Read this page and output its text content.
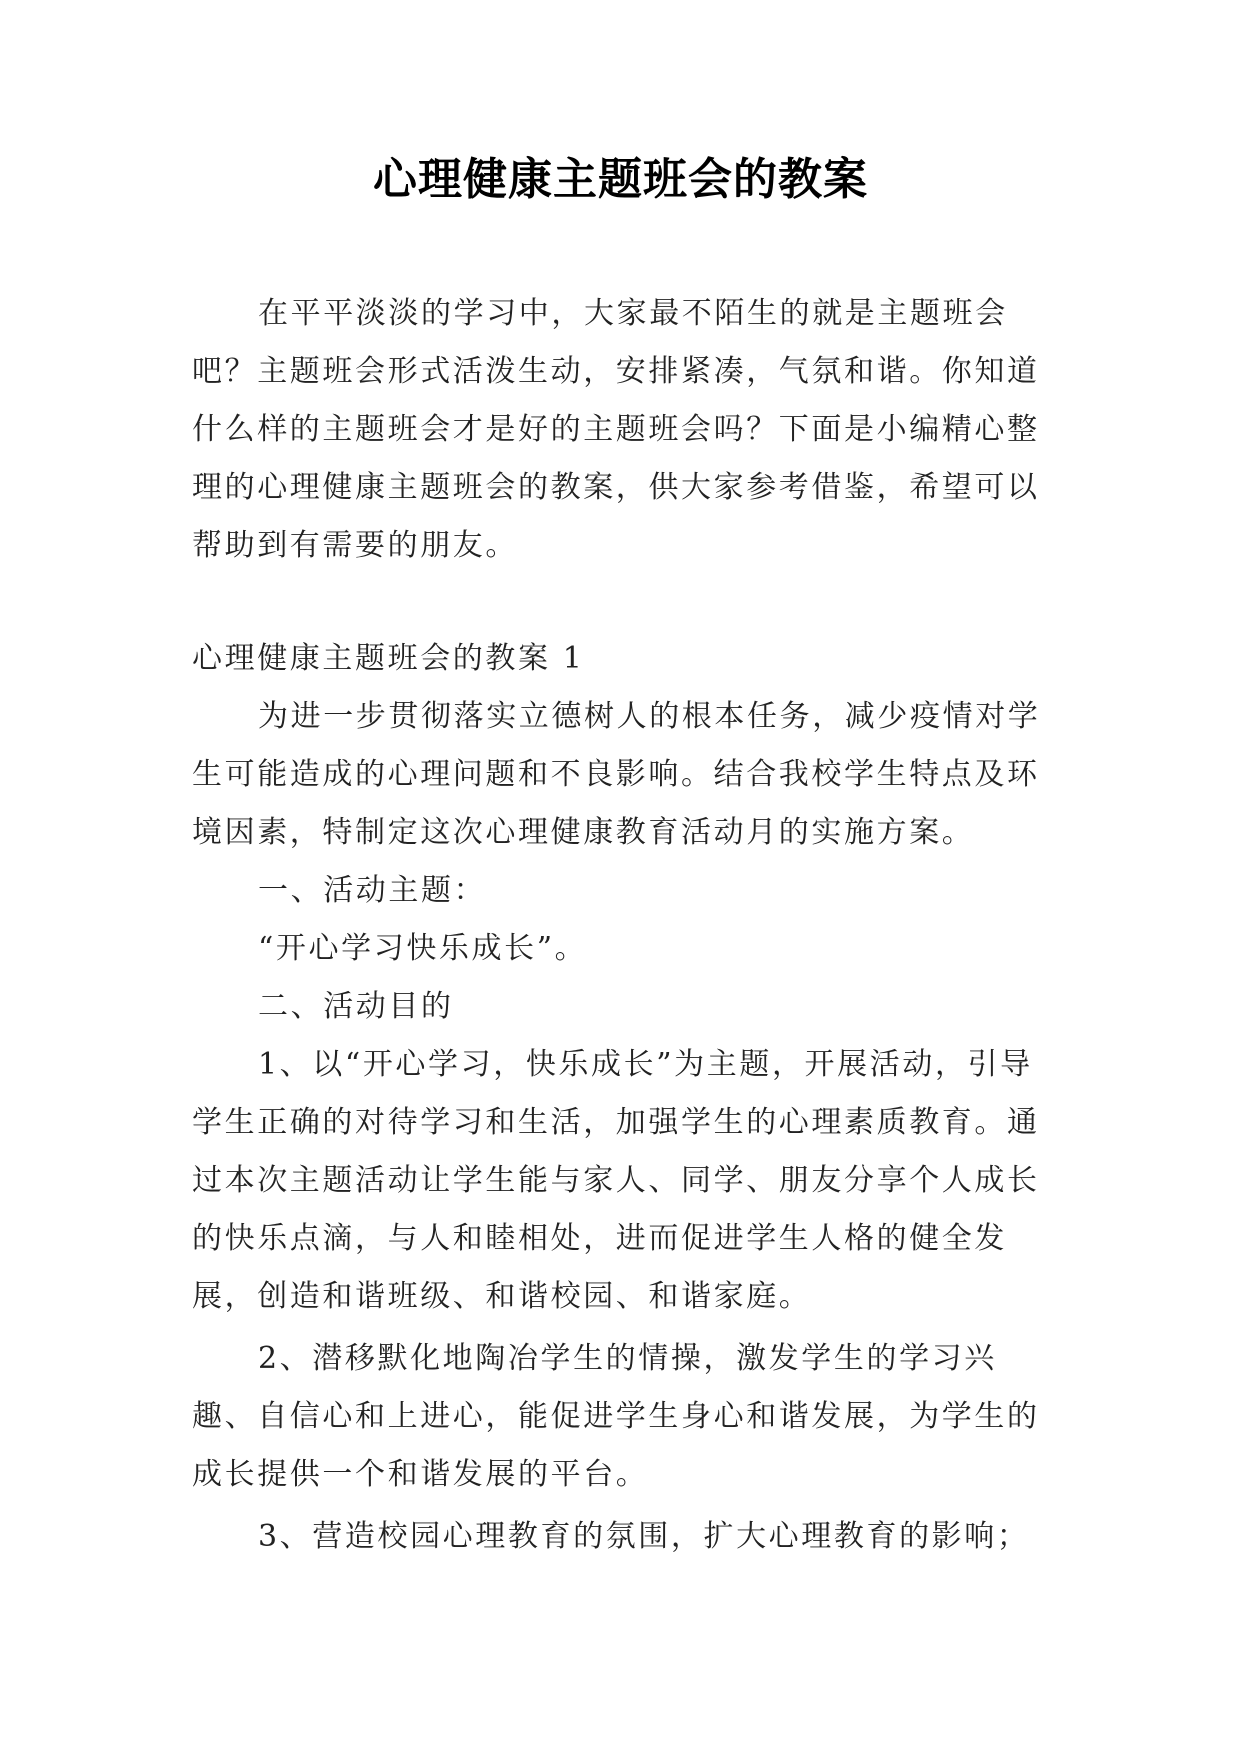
心理健康主题班会的教案

在平平淡淡的学习中，大家最不陌生的就是主题班会吧？主题班会形式活泼生动，安排紧凑，气氛和谐。你知道什么样的主题班会才是好的主题班会吗？下面是小编精心整理的心理健康主题班会的教案，供大家参考借鉴，希望可以帮助到有需要的朋友。

心理健康主题班会的教案 1

为进一步贯彻落实立德树人的根本任务，减少疫情对学生可能造成的心理问题和不良影响。结合我校学生特点及环境因素，特制定这次心理健康教育活动月的实施方案。

一、活动主题：

“开心学习快乐成长”。

二、活动目的

1、以“开心学习，快乐成长”为主题，开展活动，引导学生正确的对待学习和生活，加强学生的心理素质教育。通过本次主题活动让学生能与家人、同学、朋友分享个人成长的快乐点滴，与人和睦相处，进而促进学生人格的健全发展，创造和谐班级、和谐校园、和谐家庭。

2、潜移默化地陶冶学生的情操，激发学生的学习兴趣、自信心和上进心，能促进学生身心和谐发展，为学生的成长提供一个和谐发展的平台。

3、营造校园心理教育的氛围，扩大心理教育的影响；
